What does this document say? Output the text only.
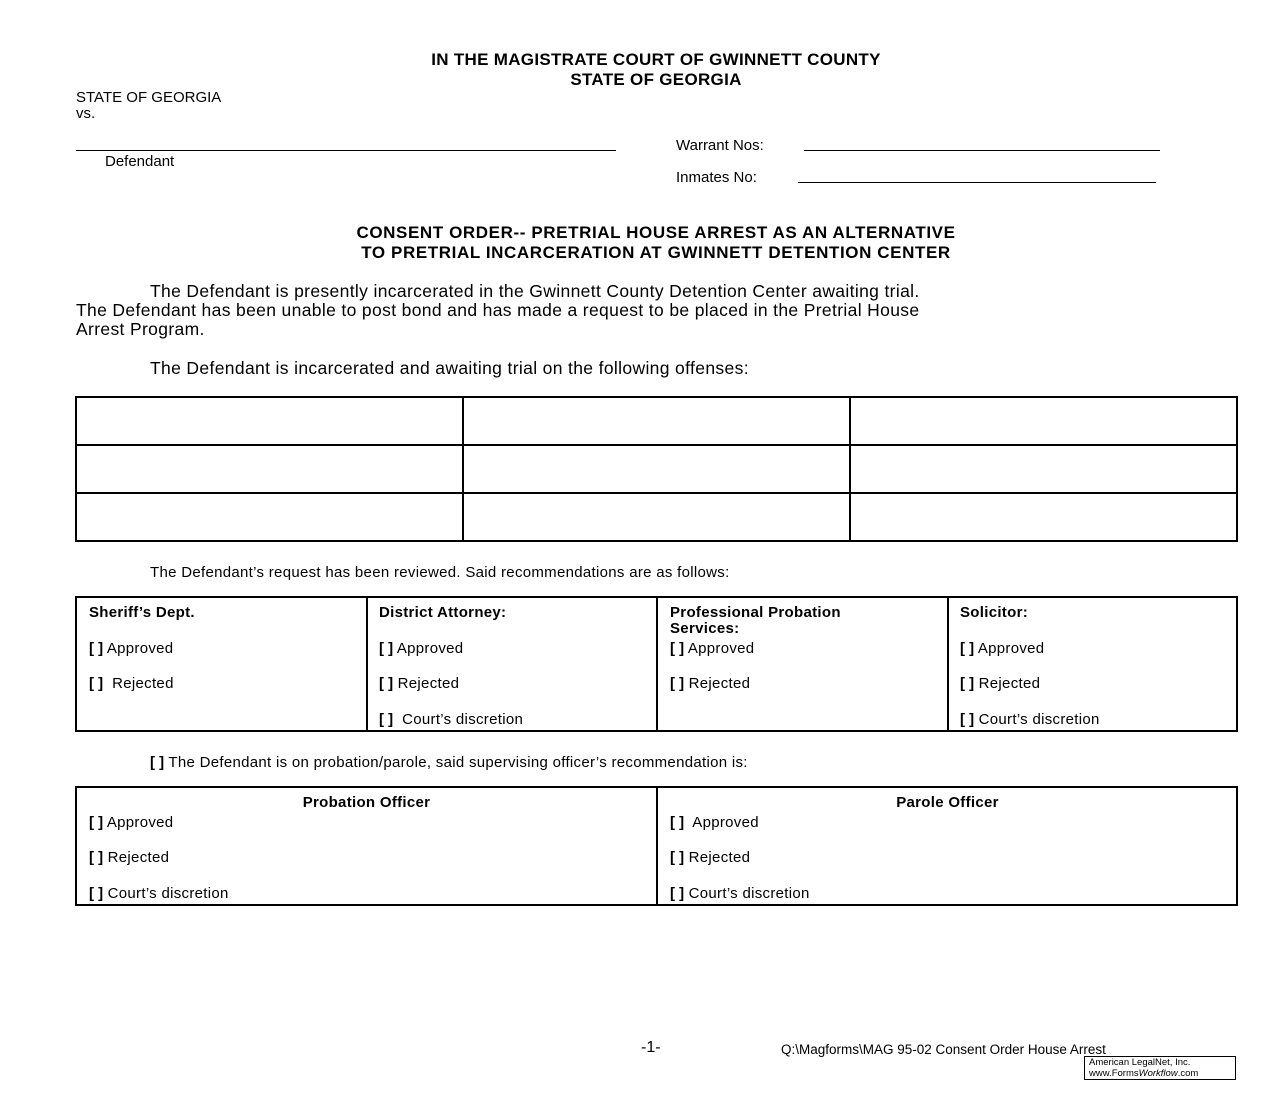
IN THE MAGISTRATE COURT OF GWINNETT COUNTY
STATE OF GEORGIA
STATE OF GEORGIA
vs.
Defendant
Warrant Nos:
Inmates No:
CONSENT ORDER-- PRETRIAL HOUSE ARREST AS AN ALTERNATIVE
TO PRETRIAL INCARCERATION AT GWINNETT DETENTION CENTER
The Defendant is presently incarcerated in the Gwinnett County Detention Center awaiting trial.
The Defendant has been unable to post bond and has made a request to be placed in the Pretrial House
Arrest Program.
The Defendant is incarcerated and awaiting trial on the following offenses:

The Defendant’s request has been reviewed. Said recommendations are as follows:
Sheriff’s Dept.
[ ] Approved
[ ] Rejected
District Attorney:
[ ] Approved
[ ] Rejected
[ ] Court’s discretion
Professional Probation
Services:
[ ] Approved
[ ] Rejected
Solicitor:
[ ] Approved
[ ] Rejected
[ ] Court’s discretion
[ ] The Defendant is on probation/parole, said supervising officer’s recommendation is:
Probation Officer
[ ] Approved
[ ] Rejected
[ ] Court’s discretion
Parole Officer
[ ] Approved
[ ] Rejected
[ ] Court’s discretion
-1-	Q:\Magforms\MAG 95-02 Consent Order House Arrest
American LegalNet, Inc.
www.FormsWorkflow.com
